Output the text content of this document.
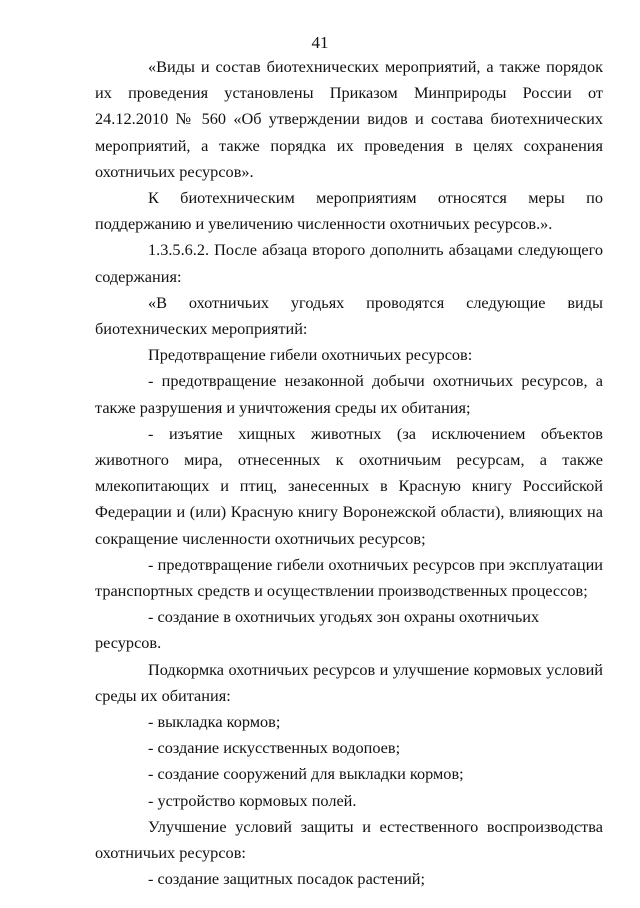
41

«Виды и состав биотехнических мероприятий, а также порядок их проведения установлены Приказом Минприроды России от 24.12.2010 № 560 «Об утверждении видов и состава биотехнических мероприятий, а также порядка их проведения в целях сохранения охотничьих ресурсов».

К биотехническим мероприятиям относятся меры по поддержанию и увеличению численности охотничьих ресурсов.».

1.3.5.6.2. После абзаца второго дополнить абзацами следующего содержания:

«В охотничьих угодьях проводятся следующие виды биотехнических мероприятий:

Предотвращение гибели охотничьих ресурсов:

- предотвращение незаконной добычи охотничьих ресурсов, а также разрушения и уничтожения среды их обитания;

- изъятие хищных животных (за исключением объектов животного мира, отнесенных к охотничьим ресурсам, а также млекопитающих и птиц, занесенных в Красную книгу Российской Федерации и (или) Красную книгу Воронежской области), влияющих на сокращение численности охотничьих ресурсов;

- предотвращение гибели охотничьих ресурсов при эксплуатации транспортных средств и осуществлении производственных процессов;

- создание в охотничьих угодьях зон охраны охотничьих ресурсов.

Подкормка охотничьих ресурсов и улучшение кормовых условий среды их обитания:

- выкладка кормов;

- создание искусственных водопоев;

- создание сооружений для выкладки кормов;

- устройство кормовых полей.

Улучшение условий защиты и естественного воспроизводства охотничьих ресурсов:

- создание защитных посадок растений;
